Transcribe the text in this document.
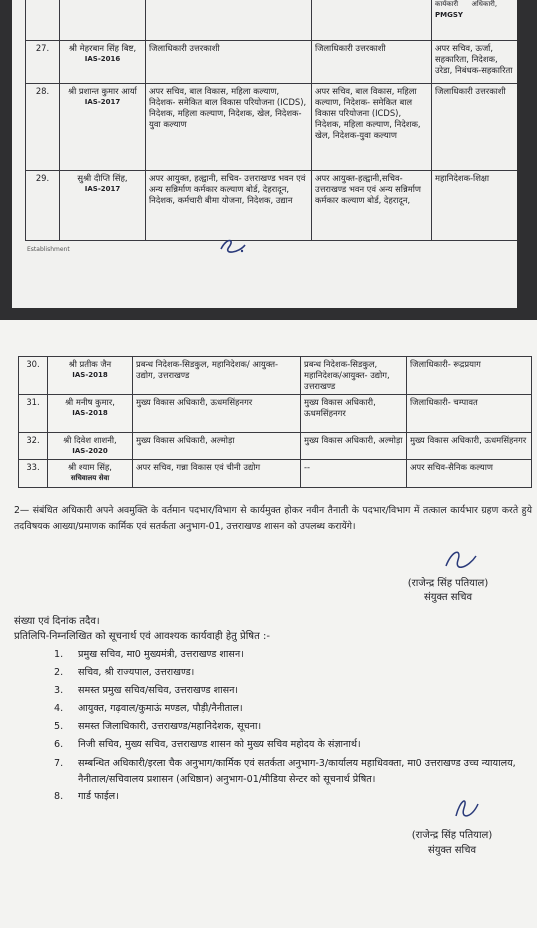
				कार्यकारी अधिकारी,
PMGSY

27.	श्री मेहरबान सिंह बिष्ट,
IAS-2016	जिलाधिकारी उत्तरकाशी	जिलाधिकारी उत्तरकाशी	अपर सचिव, ऊर्जा, सहकारिता, निदेशक, उरेडा, निबंधक-सहकारिता
28.	श्री प्रशान्त कुमार आर्या
IAS-2017	अपर सचिव, बाल विकास, महिला कल्याण, निदेशक- समेकित बाल विकास परियोजना (ICDS), निदेशक, महिला कल्याण, निदेशक, खेल, निदेशक-युवा कल्याण	अपर सचिव, बाल विकास, महिला कल्याण, निदेशक- समेकित बाल विकास परियोजना (ICDS), निदेशक, महिला कल्याण, निदेशक, खेल, निदेशक-युवा कल्याण	जिलाधिकारी उत्तरकाशी
29.	सुश्री दीप्ति सिंह,
IAS-2017	अपर आयुक्त, हल्द्वानी, सचिव- उत्तराखण्ड भवन एवं अन्य सन्निर्माण कर्मकार कल्याण बोर्ड, देहरादून, निदेशक, कर्मचारी बीमा योजना, निदेशक, उद्यान	अपर आयुक्त-हल्द्वानी,सचिव- उत्तराखण्ड भवन एवं अन्य सन्निर्माण कर्मकार कल्याण बोर्ड, देहरादून,	महानिदेशक-शिक्षा
Establishment
30.	श्री प्रतीक जैन
IAS-2018	प्रबन्ध निदेशक-सिडकुल, महानिदेशक/ आयुक्त-उद्योग, उत्तराखण्ड	प्रबन्ध निदेशक-सिडकुल, महानिदेशक/आयुक्त- उद्योग, उत्तराखण्ड	जिलाधिकारी- रूद्रप्रयाग
31.	श्री मनीष कुमार,
IAS-2018	मुख्य विकास अधिकारी, ऊधमसिंहनगर	मुख्य विकास अधिकारी, ऊधमसिंहनगर	जिलाधिकारी- चम्पावत
32.	श्री दिवेश शाशनी,
IAS-2020	मुख्य विकास अधिकारी, अल्मोड़ा	मुख्य विकास अधिकारी, अल्मोड़ा	मुख्य विकास अधिकारी, ऊधमसिंहनगर
33.	श्री श्याम सिंह,
सचिवालय सेवा	अपर सचिव, गन्ना विकास एवं चीनी उद्योग	--	अपर सचिव-सैनिक कल्याण
2— संबंधित अधिकारी अपने अवमुक्ति के वर्तमान पदभार/विभाग से कार्यमुक्त होकर नवीन तैनाती के पदभार/विभाग में तत्काल कार्यभार ग्रहण करते हुये तदविषयक आख्या/प्रमाणक कार्मिक एवं सतर्कता अनुभाग-01, उत्तराखण्ड शासन को उपलब्ध करायेंगे।
(राजेन्द्र सिंह पतियाल)
संयुक्त सचिव
संख्या एवं दिनांक तदैव।
प्रतिलिपि-निम्नलिखित को सूचनार्थ एवं आवश्यक कार्यवाही हेतु प्रेषित :-
1. प्रमुख सचिव, मा0 मुख्यमंत्री, उत्तराखण्ड शासन।
2. सचिव, श्री राज्यपाल, उत्तराखण्ड।
3. समस्त प्रमुख सचिव/सचिव, उत्तराखण्ड शासन।
4. आयुक्त, गढ़वाल/कुमाऊं मण्डल, पौड़ी/नैनीताल।
5. समस्त जिलाधिकारी, उत्तराखण्ड/महानिदेशक, सूचना।
6. निजी सचिव, मुख्य सचिव, उत्तराखण्ड शासन को मुख्य सचिव महोदय के संज्ञानार्थ।
7. सम्बन्धित अधिकारी/इरला चैक अनुभाग/कार्मिक एवं सतर्कता अनुभाग-3/कार्यालय महाधिवक्ता, मा0 उत्तराखण्ड उच्च न्यायालय, नैनीताल/सचिवालय प्रशासन (अधिष्ठान) अनुभाग-01/मीडिया सेन्टर को सूचनार्थ प्रेषित।
8. गार्ड फाईल।
(राजेन्द्र सिंह पतियाल)
संयुक्त सचिव
